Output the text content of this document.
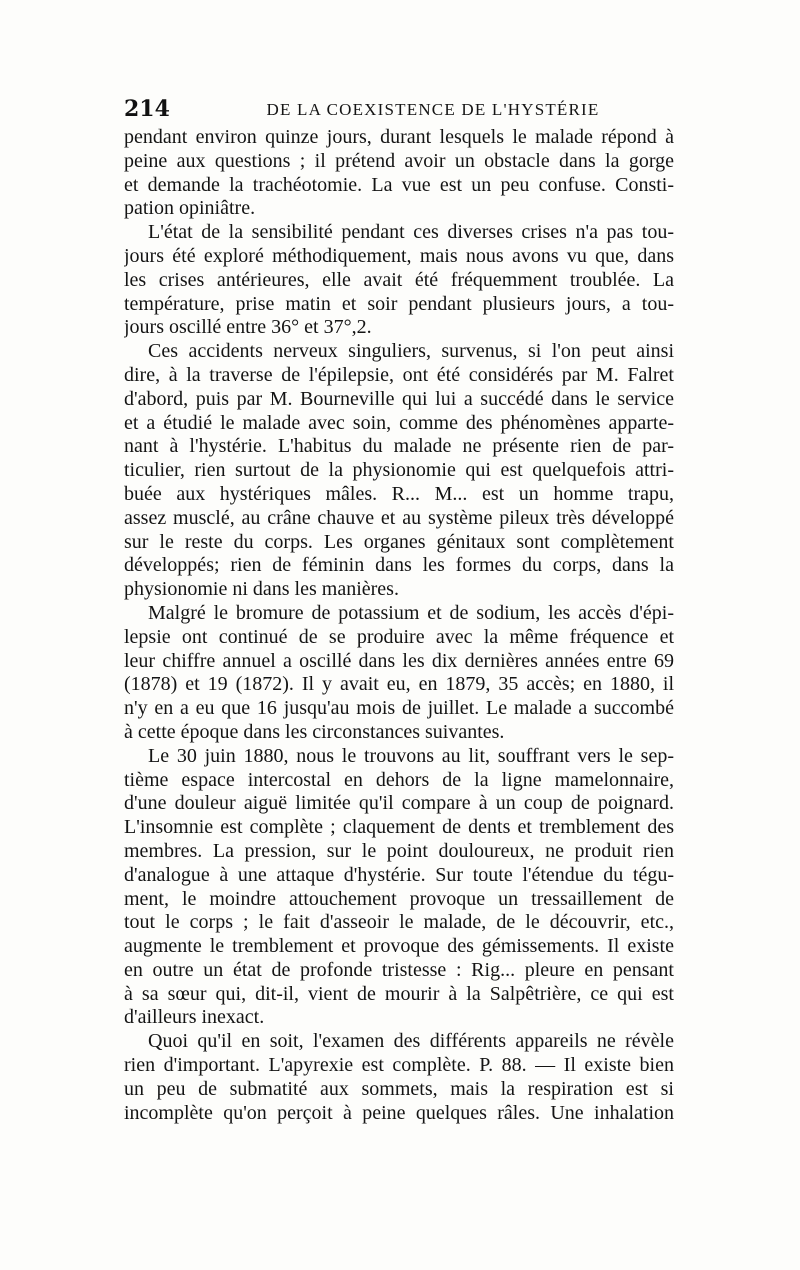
214	DE LA COEXISTENCE DE L'HYSTÉRIE
pendant environ quinze jours, durant lesquels le malade répond à
peine aux questions ; il prétend avoir un obstacle dans la gorge
et demande la trachéotomie. La vue est un peu confuse. Consti-
pation opiniâtre.
L'état de la sensibilité pendant ces diverses crises n'a pas tou-
jours été exploré méthodiquement, mais nous avons vu que, dans
les crises antérieures, elle avait été fréquemment troublée. La
température, prise matin et soir pendant plusieurs jours, a tou-
jours oscillé entre 36° et 37°,2.
Ces accidents nerveux singuliers, survenus, si l'on peut ainsi
dire, à la traverse de l'épilepsie, ont été considérés par M. Falret
d'abord, puis par M. Bourneville qui lui a succédé dans le service
et a étudié le malade avec soin, comme des phénomènes apparte-
nant à l'hystérie. L'habitus du malade ne présente rien de par-
ticulier, rien surtout de la physionomie qui est quelquefois attri-
buée aux hystériques mâles. R... M... est un homme trapu,
assez musclé, au crâne chauve et au système pileux très développé
sur le reste du corps. Les organes génitaux sont complètement
développés; rien de féminin dans les formes du corps, dans la
physionomie ni dans les manières.
Malgré le bromure de potassium et de sodium, les accès d'épi-
lepsie ont continué de se produire avec la même fréquence et
leur chiffre annuel a oscillé dans les dix dernières années entre 69
(1878) et 19 (1872). Il y avait eu, en 1879, 35 accès; en 1880, il
n'y en a eu que 16 jusqu'au mois de juillet. Le malade a succombé
à cette époque dans les circonstances suivantes.
Le 30 juin 1880, nous le trouvons au lit, souffrant vers le sep-
tième espace intercostal en dehors de la ligne mamelonnaire,
d'une douleur aiguë limitée qu'il compare à un coup de poignard.
L'insomnie est complète ; claquement de dents et tremblement des
membres. La pression, sur le point douloureux, ne produit rien
d'analogue à une attaque d'hystérie. Sur toute l'étendue du tégu-
ment, le moindre attouchement provoque un tressaillement de
tout le corps ; le fait d'asseoir le malade, de le découvrir, etc.,
augmente le tremblement et provoque des gémissements. Il existe
en outre un état de profonde tristesse : Rig... pleure en pensant
à sa sœur qui, dit-il, vient de mourir à la Salpêtrière, ce qui est
d'ailleurs inexact.
Quoi qu'il en soit, l'examen des différents appareils ne révèle
rien d'important. L'apyrexie est complète. P. 88. — Il existe bien
un peu de submatité aux sommets, mais la respiration est si
incomplète qu'on perçoit à peine quelques râles. Une inhalation
